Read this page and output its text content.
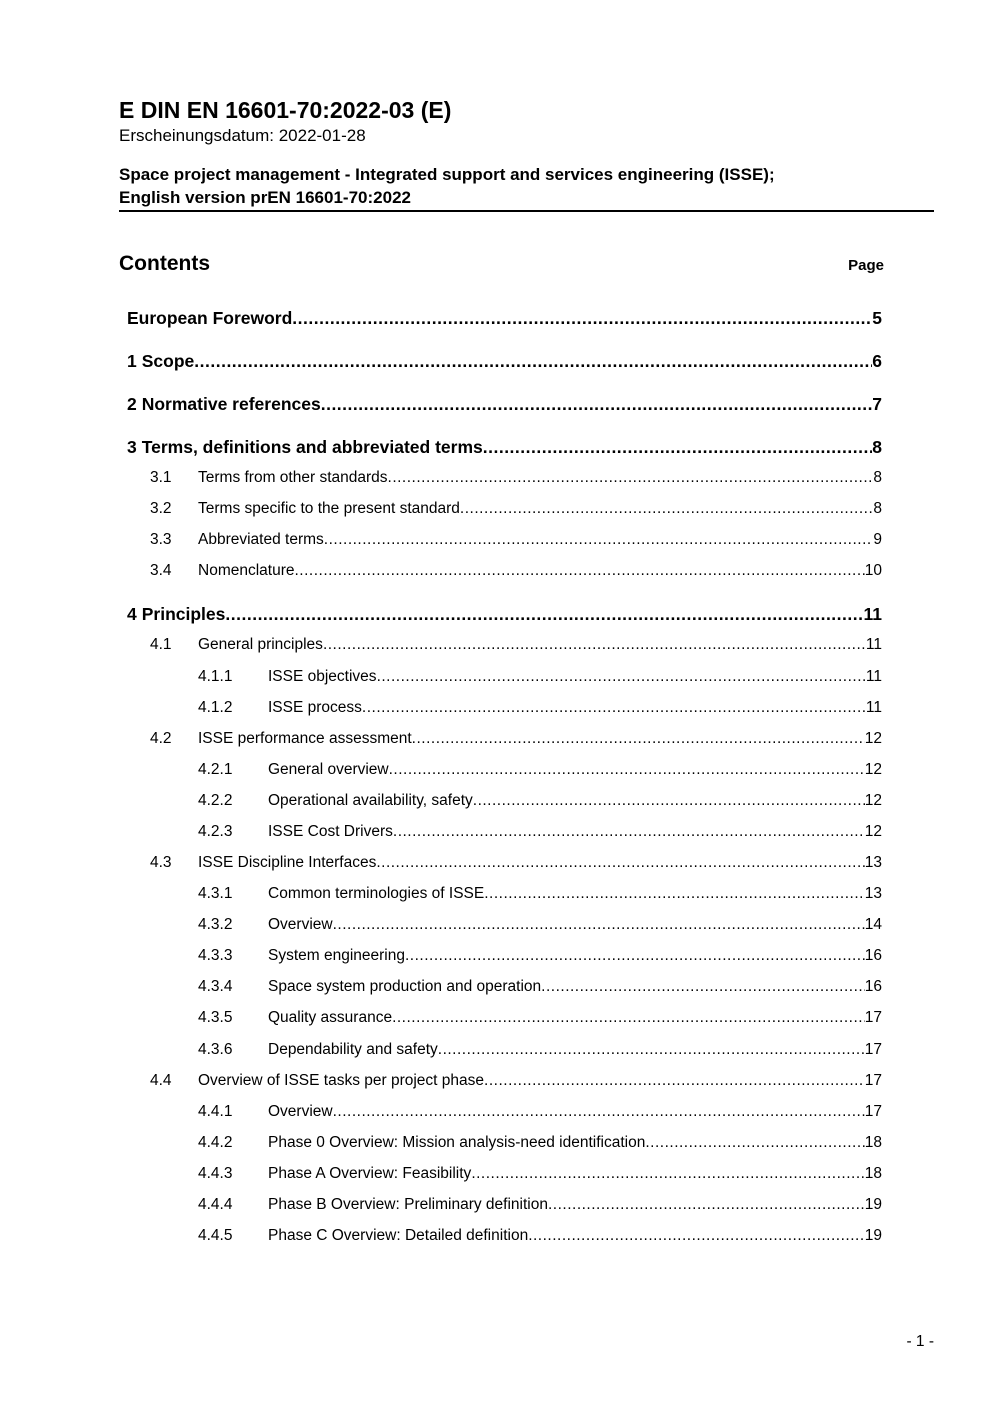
E DIN EN 16601-70:2022-03 (E)
Erscheinungsdatum: 2022-01-28
Space project management - Integrated support and services engineering (ISSE);
English version prEN 16601-70:2022
Contents	Page
European Foreword .....	5
1 Scope .....	6
2 Normative references .....	7
3 Terms, definitions and abbreviated terms .....	8
3.1	Terms from other standards .....	8
3.2	Terms specific to the present standard .....	8
3.3	Abbreviated terms .....	9
3.4	Nomenclature .....	10
4 Principles .....	11
4.1	General principles .....	11
4.1.1	ISSE objectives .....	11
4.1.2	ISSE process .....	11
4.2	ISSE performance assessment .....	12
4.2.1	General overview .....	12
4.2.2	Operational availability, safety .....	12
4.2.3	ISSE Cost Drivers .....	12
4.3	ISSE Discipline Interfaces .....	13
4.3.1	Common terminologies of ISSE .....	13
4.3.2	Overview .....	14
4.3.3	System engineering .....	16
4.3.4	Space system production and operation .....	16
4.3.5	Quality assurance .....	17
4.3.6	Dependability and safety .....	17
4.4	Overview of ISSE tasks per project phase .....	17
4.4.1	Overview .....	17
4.4.2	Phase 0 Overview: Mission analysis-need identification .....	18
4.4.3	Phase A Overview: Feasibility .....	18
4.4.4	Phase B Overview: Preliminary definition .....	19
4.4.5	Phase C Overview: Detailed definition .....	19
- 1 -
